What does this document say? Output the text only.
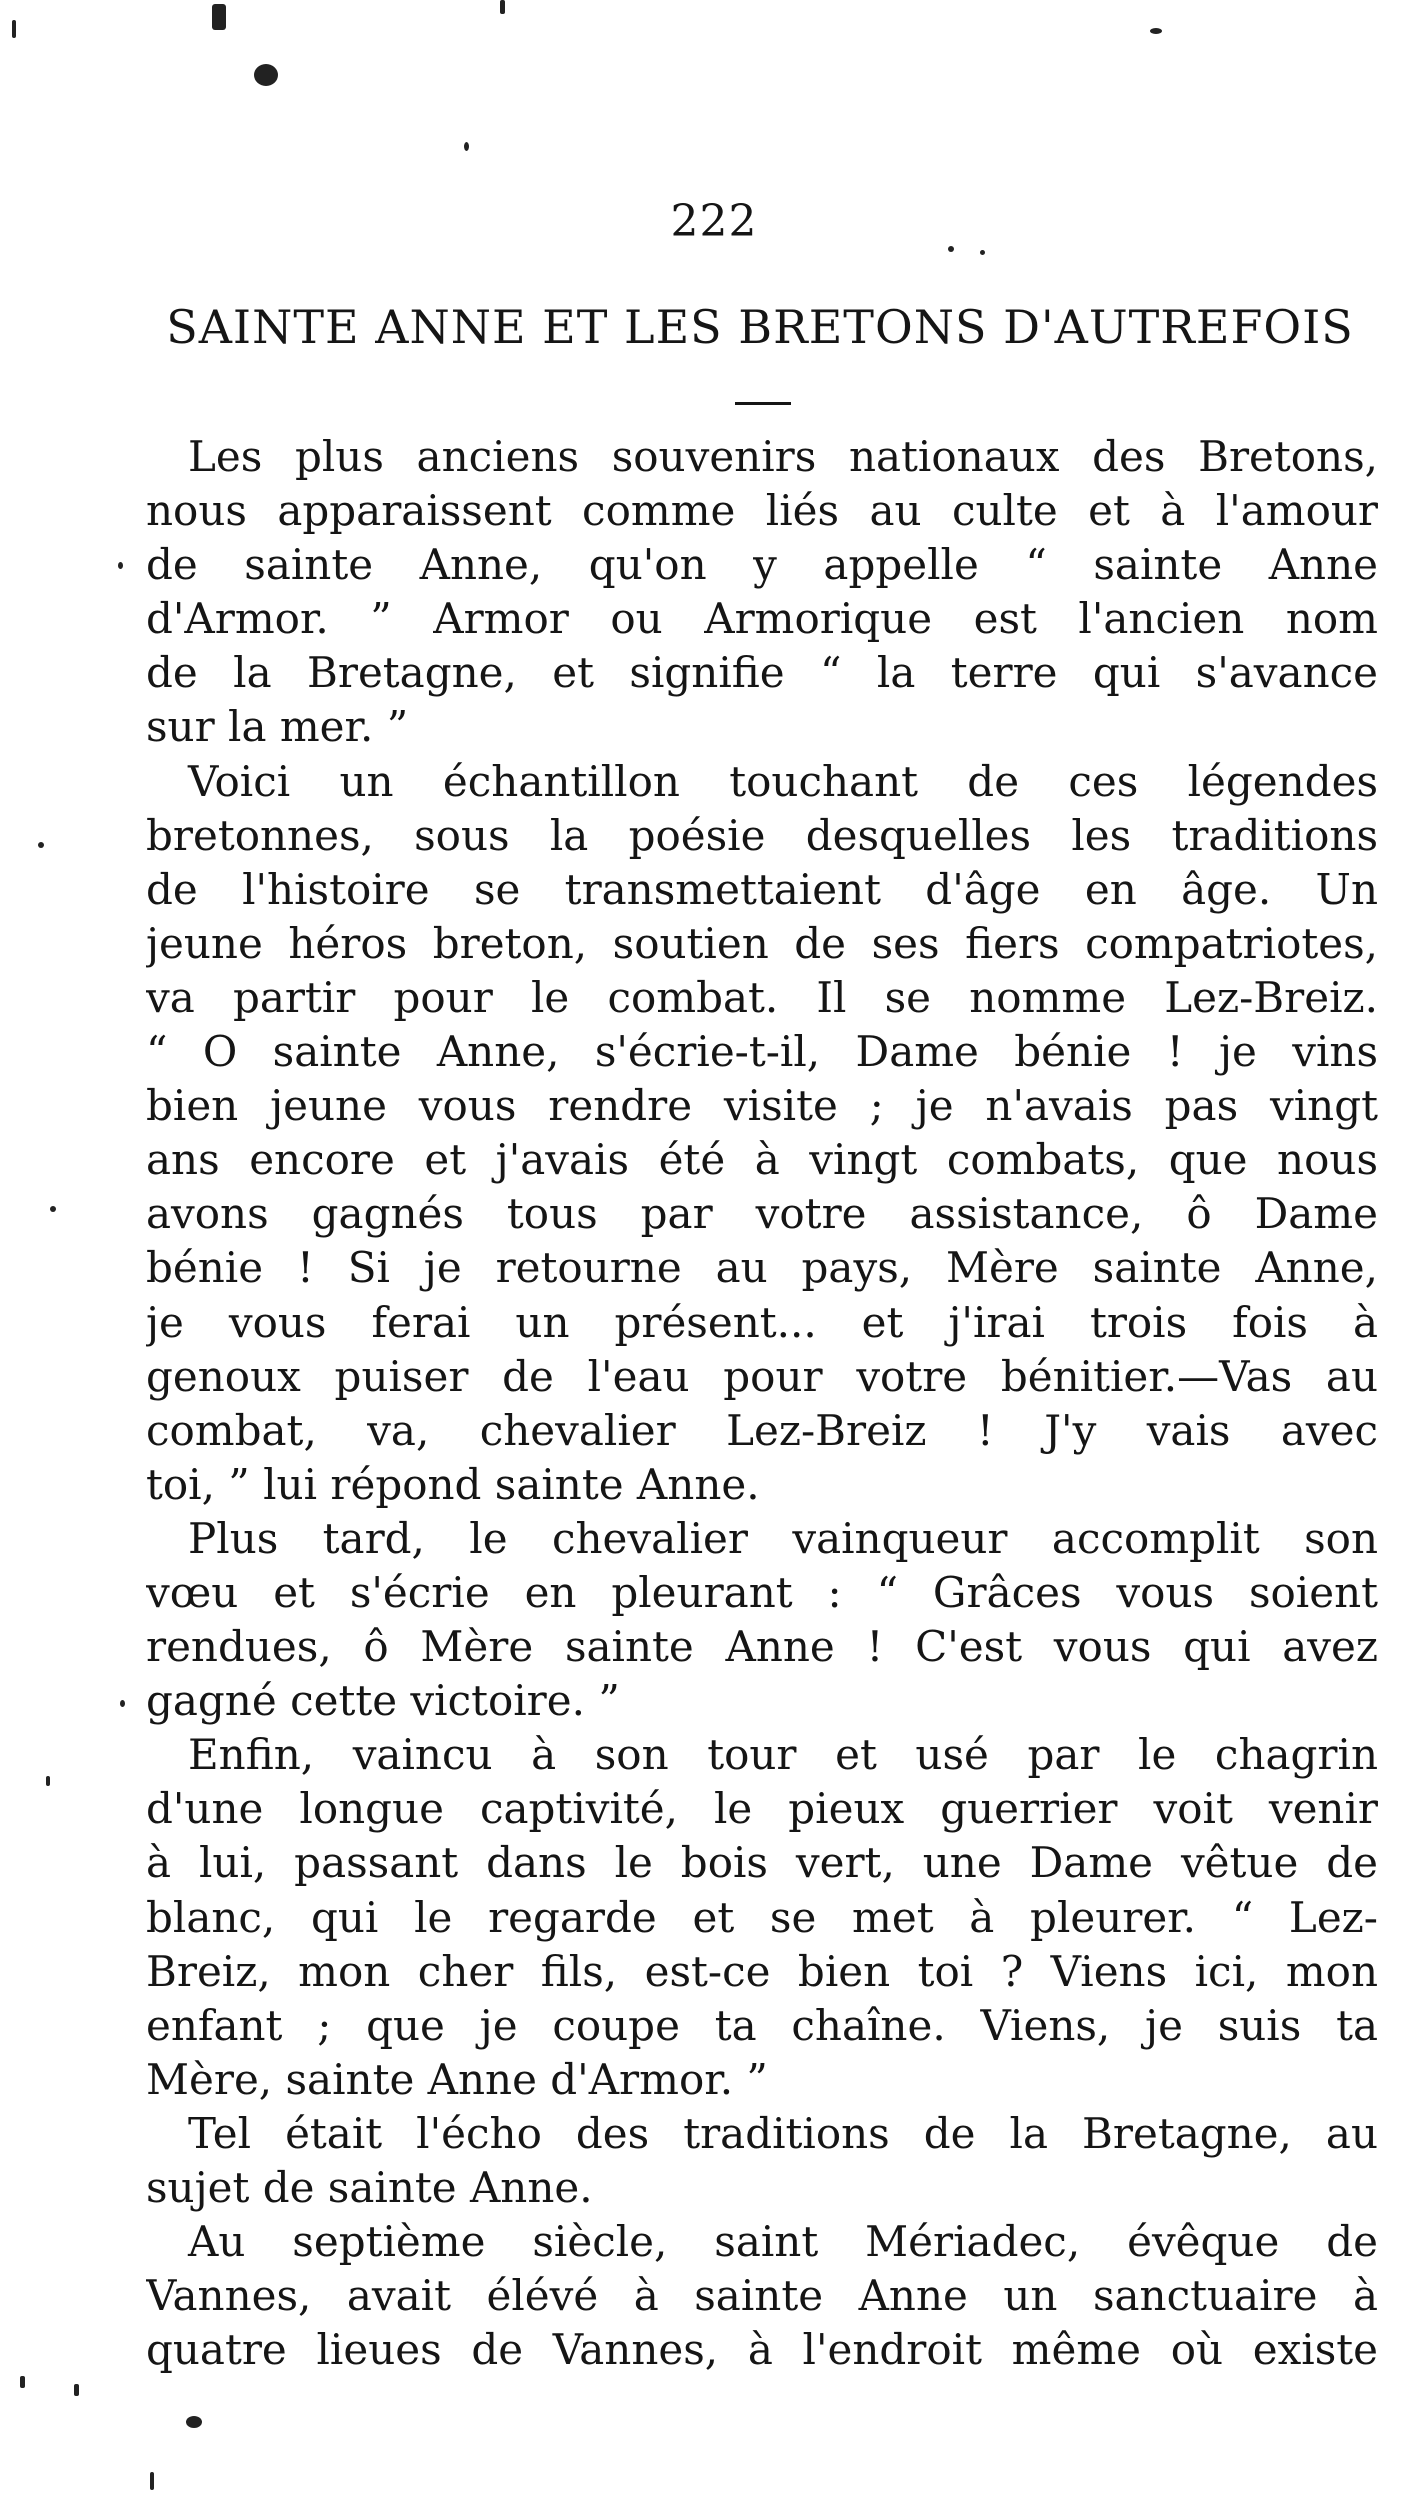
222
SAINTE ANNE ET LES BRETONS D'AUTREFOIS
Les plus anciens souvenirs nationaux des Bretons,
nous apparaissent comme liés au culte et à l'amour
de sainte Anne, qu'on y appelle “ sainte Anne
d'Armor. ” Armor ou Armorique est l'ancien nom
de la Bretagne, et signifie “ la terre qui s'avance
sur la mer. ”
Voici un échantillon touchant de ces légendes
bretonnes, sous la poésie desquelles les traditions
de l'histoire se transmettaient d'âge en âge. Un
jeune héros breton, soutien de ses fiers compatriotes,
va partir pour le combat. Il se nomme Lez-Breiz.
“ O sainte Anne, s'écrie-t-il, Dame bénie ! je vins
bien jeune vous rendre visite ; je n'avais pas vingt
ans encore et j'avais été à vingt combats, que nous
avons gagnés tous par votre assistance, ô Dame
bénie ! Si je retourne au pays, Mère sainte Anne,
je vous ferai un présent... et j'irai trois fois à
genoux puiser de l'eau pour votre bénitier.—Vas au
combat, va, chevalier Lez-Breiz ! J'y vais avec
toi, ” lui répond sainte Anne.
Plus tard, le chevalier vainqueur accomplit son
vœu et s'écrie en pleurant : “ Grâces vous soient
rendues, ô Mère sainte Anne ! C'est vous qui avez
gagné cette victoire. ”
Enfin, vaincu à son tour et usé par le chagrin
d'une longue captivité, le pieux guerrier voit venir
à lui, passant dans le bois vert, une Dame vêtue de
blanc, qui le regarde et se met à pleurer. “ Lez-
Breiz, mon cher fils, est-ce bien toi ? Viens ici, mon
enfant ; que je coupe ta chaîne. Viens, je suis ta
Mère, sainte Anne d'Armor. ”
Tel était l'écho des traditions de la Bretagne, au
sujet de sainte Anne.
Au septième siècle, saint Mériadec, évêque de
Vannes, avait élévé à sainte Anne un sanctuaire à
quatre lieues de Vannes, à l'endroit même où existe
